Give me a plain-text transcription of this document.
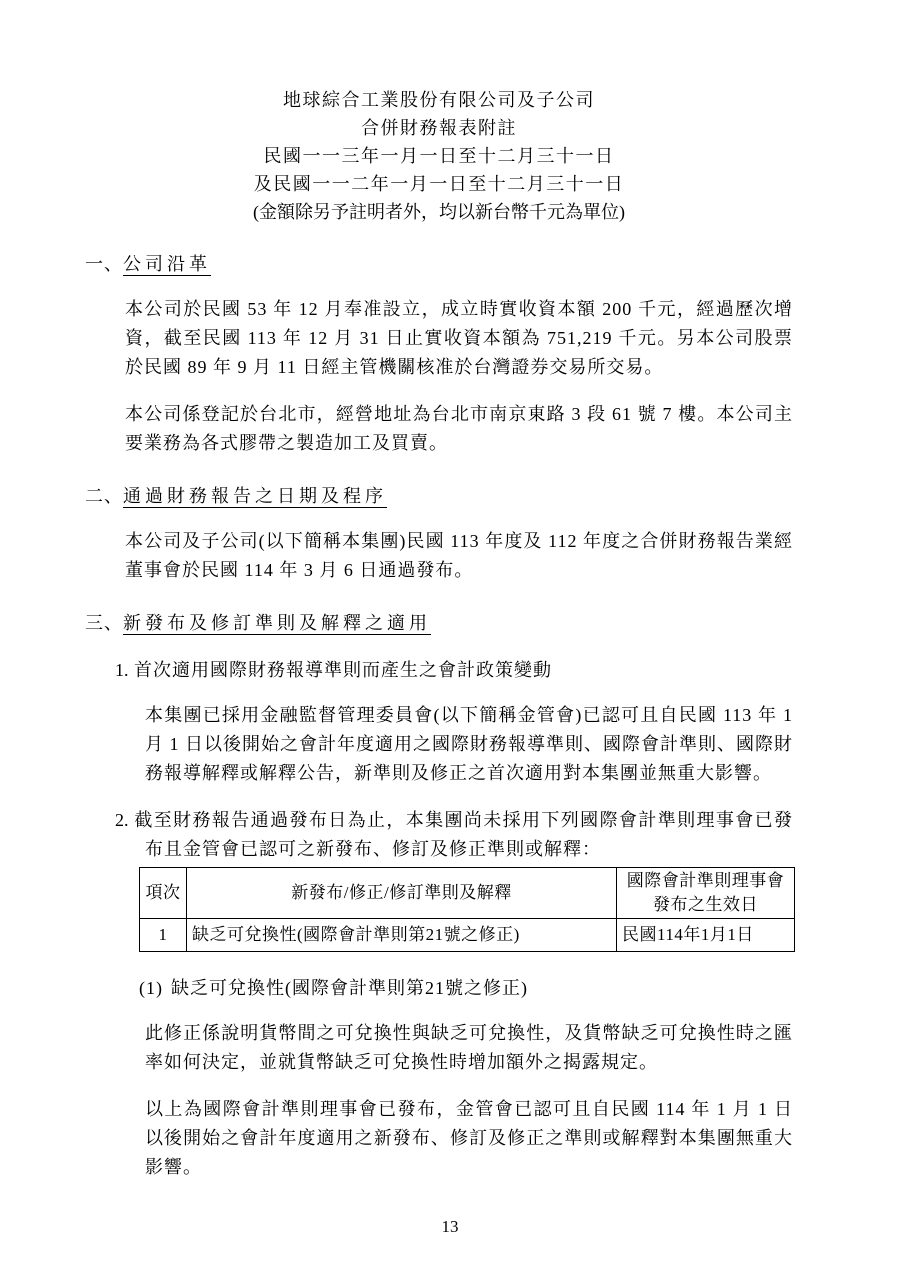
地球綜合工業股份有限公司及子公司
合併財務報表附註
民國一一三年一月一日至十二月三十一日
及民國一一二年一月一日至十二月三十一日
(金額除另予註明者外，均以新台幣千元為單位)
一、公司沿革

本公司於民國 53 年 12 月奉准設立，成立時實收資本額 200 千元，經過歷次增資，截至民國 113 年 12 月 31 日止實收資本額為 751,219 千元。另本公司股票於民國 89 年 9 月 11 日經主管機關核准於台灣證券交易所交易。

本公司係登記於台北市，經營地址為台北市南京東路 3 段 61 號 7 樓。本公司主要業務為各式膠帶之製造加工及買賣。

二、通過財務報告之日期及程序

本公司及子公司(以下簡稱本集團)民國 113 年度及 112 年度之合併財務報告業經董事會於民國 114 年 3 月 6 日通過發布。

三、新發布及修訂準則及解釋之適用

1. 首次適用國際財務報導準則而產生之會計政策變動

本集團已採用金融監督管理委員會(以下簡稱金管會)已認可且自民國 113 年 1 月 1 日以後開始之會計年度適用之國際財務報導準則、國際會計準則、國際財務報導解釋或解釋公告，新準則及修正之首次適用對本集團並無重大影響。

2. 截至財務報告通過發布日為止，本集團尚未採用下列國際會計準則理事會已發布且金管會已認可之新發布、修訂及修正準則或解釋：

項次	新發布/修正/修訂準則及解釋	國際會計準則理事會發布之生效日
1	缺乏可兌換性(國際會計準則第21號之修正)	民國114年1月1日
(1) 缺乏可兌換性(國際會計準則第21號之修正)

此修正係說明貨幣間之可兌換性與缺乏可兌換性，及貨幣缺乏可兌換性時之匯率如何決定，並就貨幣缺乏可兌換性時增加額外之揭露規定。

以上為國際會計準則理事會已發布，金管會已認可且自民國 114 年 1 月 1 日以後開始之會計年度適用之新發布、修訂及修正之準則或解釋對本集團無重大影響。

13
